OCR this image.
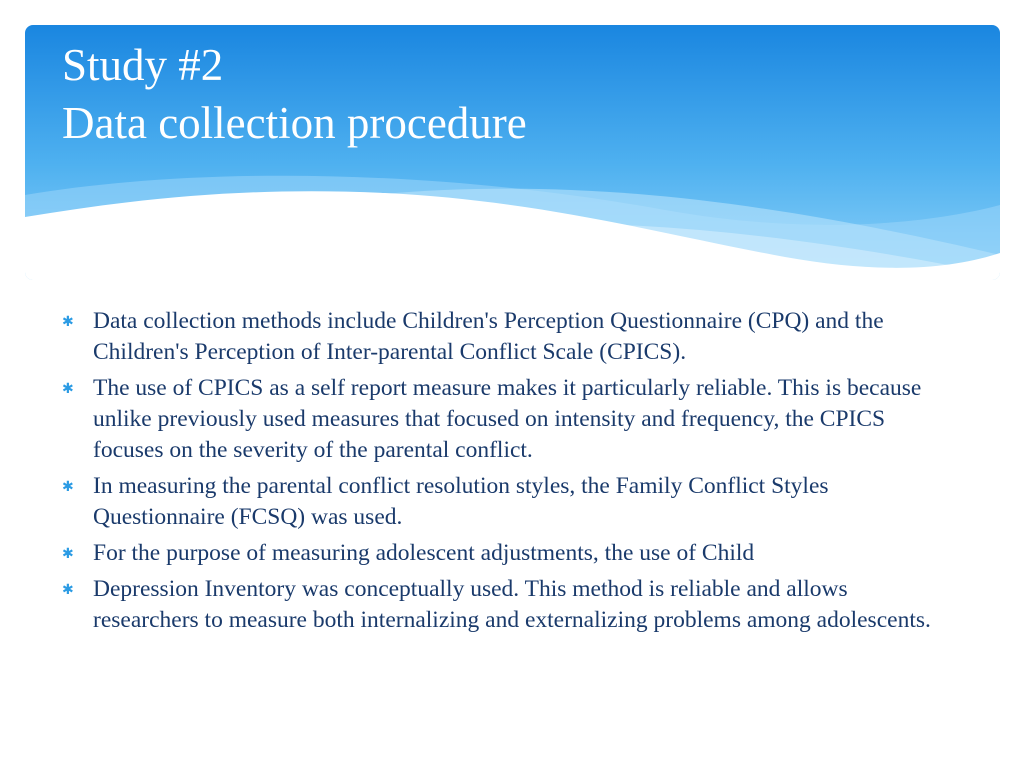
Study #2
Data collection procedure
✱ Data collection methods include Children's Perception Questionnaire (CPQ) and the Children's Perception of Inter-parental Conflict Scale (CPICS).
✱ The use of CPICS as a self report measure makes it particularly reliable. This is because unlike previously used measures that focused on intensity and frequency, the CPICS focuses on the severity of the parental conflict.
✱ In measuring the parental conflict resolution styles, the Family Conflict Styles Questionnaire (FCSQ) was used.
✱ For the purpose of measuring adolescent adjustments, the use of Child
✱ Depression Inventory was conceptually used. This method is reliable and allows researchers to measure both internalizing and externalizing problems among adolescents.
